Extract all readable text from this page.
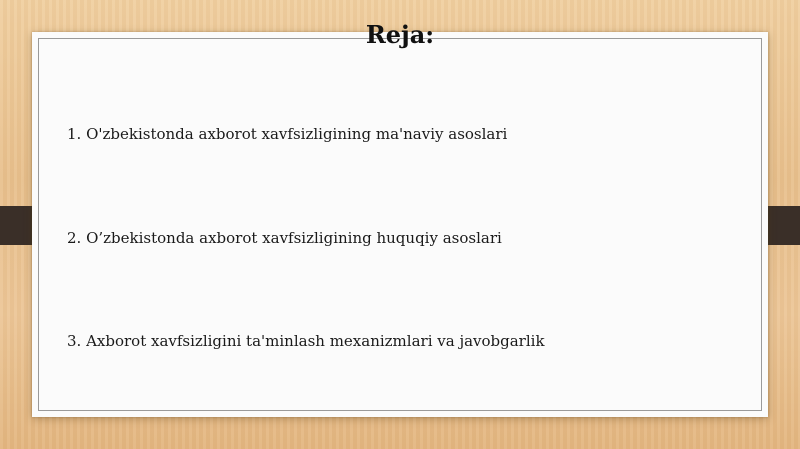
Reja:
1. O'zbekistonda axborot xavfsizligining ma'naviy asoslari
2. O’zbekistonda axborot xavfsizligining huquqiy asoslari
3. Axborot xavfsizligini ta'minlash mexanizmlari va javobgarlik
